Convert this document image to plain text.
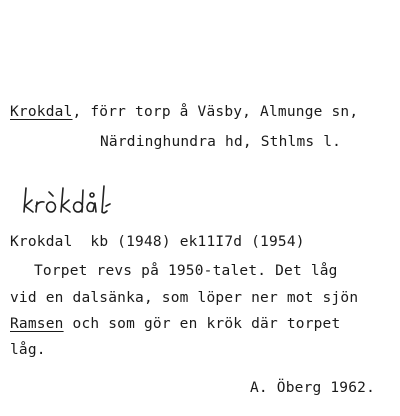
Krokdal, förr torp å Väsby, Almunge sn,
Närdinghundra hd, Sthlms l.
Krokdal kb (1948) ek11I7d (1954)
Torpet revs på 1950-talet. Det låg
vid en dalsänka, som löper ner mot sjön
Ramsen och som gör en krök där torpet
låg.
A. Öberg 1962.
